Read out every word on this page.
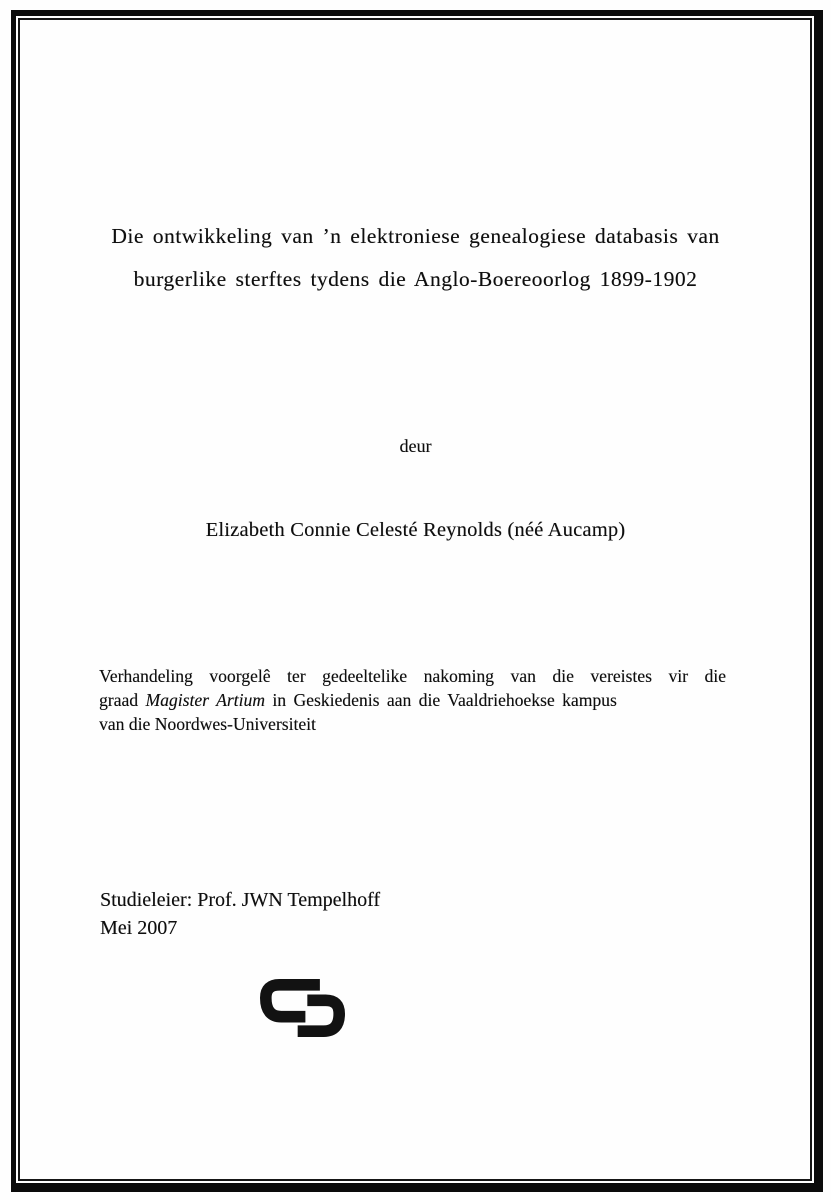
Die ontwikkeling van ’n elektroniese genealogiese databasis van
burgerlike sterftes tydens die Anglo-Boereoorlog 1899-1902
deur
Elizabeth Connie Celesté Reynolds (néé Aucamp)
Verhandeling voorgelê ter gedeeltelike nakoming van die vereistes vir die
graad Magister Artium in Geskiedenis aan die Vaaldriehoekse kampus
van die Noordwes-Universiteit
Studieleier: Prof. JWN Tempelhoff
Mei 2007
